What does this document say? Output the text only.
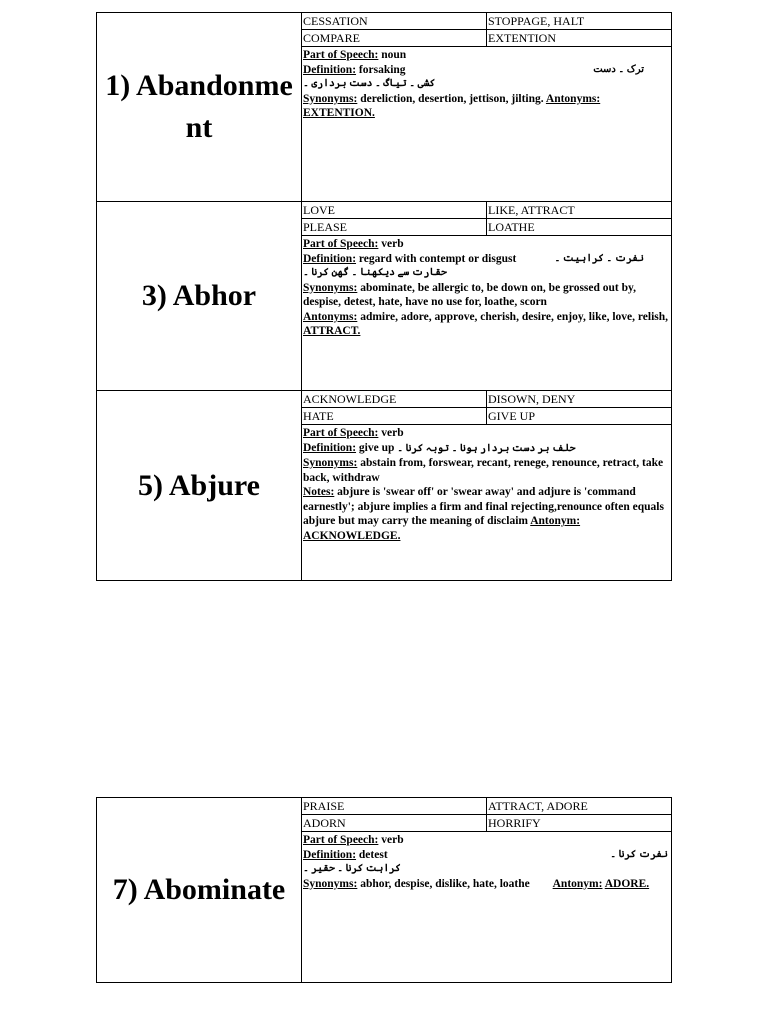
1) Abandonment
CESSATION	STOPPAGE, HALT
COMPARE	EXTENTION
Part of Speech: noun
ترک ۔ دست
Definition: forsaking
کشی ۔ تیاگ ۔ دست برداری ۔
Synonyms: dereliction, desertion, jettison, jilting. Antonyms: EXTENTION.
3) Abhor
LOVE	LIKE, ATTRACT
PLEASE	LOATHE
Part of Speech: verb
نفرت ۔ کراہیت ۔
Definition: regard with contempt or disgust
حقارت سے دیکھنا ۔ گھن کرنا ۔
Synonyms: abominate, be allergic to, be down on, be grossed out by, despise, detest, hate, have no use for, loathe, scorn
Antonyms: admire, adore, approve, cherish, desire, enjoy, like, love, relish, ATTRACT.
5) Abjure
ACKNOWLEDGE	DISOWN, DENY
HATE	GIVE UP
Part of Speech: verb
Definition: give up حلف بر دست بردار ہونا ۔ توبہ کرنا ۔
Synonyms: abstain from, forswear, recant, renege, renounce, retract, take back, withdraw
Notes: abjure is 'swear off' or 'swear away' and adjure is 'command earnestly'; abjure implies a firm and final rejecting,renounce often equals abjure but may carry the meaning of disclaim Antonym: ACKNOWLEDGE.
7) Abominate
PRAISE	ATTRACT, ADORE
ADORN	HORRIFY
Part of Speech: verb
نفرت کرنا ۔
Definition: detest
کراہت کرنا ۔ حقیر ۔
Synonyms: abhor, despise, dislike, hate, loathe Antonym: ADORE.
